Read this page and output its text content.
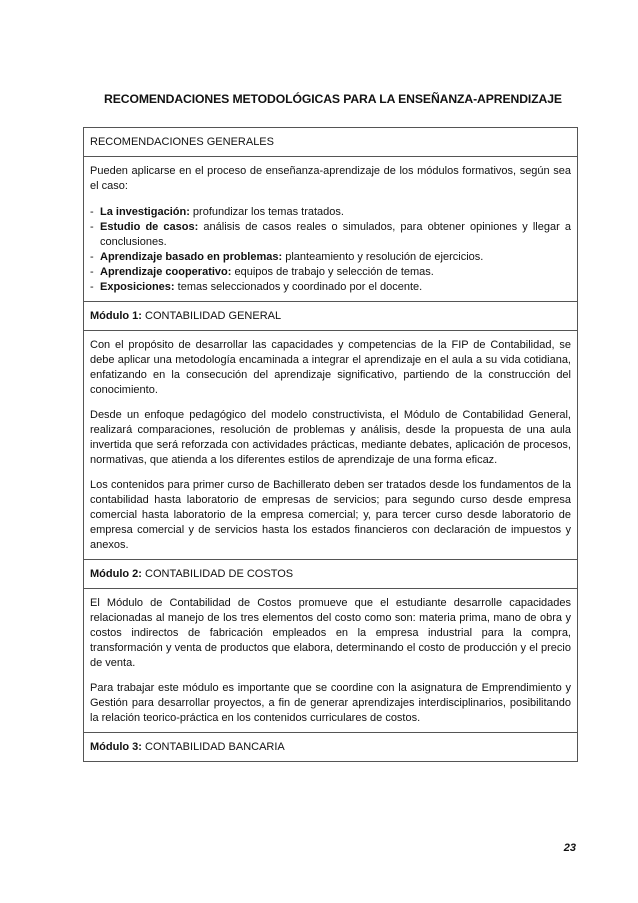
RECOMENDACIONES METODOLÓGICAS PARA LA ENSEÑANZA-APRENDIZAJE
RECOMENDACIONES GENERALES

Pueden aplicarse en el proceso de enseñanza-aprendizaje de los módulos formativos, según sea el caso:

- La investigación: profundizar los temas tratados.
- Estudio de casos: análisis de casos reales o simulados, para obtener opiniones y llegar a conclusiones.
- Aprendizaje basado en problemas: planteamiento y resolución de ejercicios.
- Aprendizaje cooperativo: equipos de trabajo y selección de temas.
- Exposiciones: temas seleccionados y coordinado por el docente.

Módulo 1: CONTABILIDAD GENERAL

Con el propósito de desarrollar las capacidades y competencias de la FIP de Contabilidad, se debe aplicar una metodología encaminada a integrar el aprendizaje en el aula a su vida cotidiana, enfatizando en la consecución del aprendizaje significativo, partiendo de la construcción del conocimiento.

Desde un enfoque pedagógico del modelo constructivista, el Módulo de Contabilidad General, realizará comparaciones, resolución de problemas y análisis, desde la propuesta de una aula invertida que será reforzada con actividades prácticas, mediante debates, aplicación de procesos, normativas, que atienda a los diferentes estilos de aprendizaje de una forma eficaz.

Los contenidos para primer curso de Bachillerato deben ser tratados desde los fundamentos de la contabilidad hasta laboratorio de empresas de servicios; para segundo curso desde empresa comercial hasta laboratorio de la empresa comercial; y, para tercer curso desde laboratorio de empresa comercial y de servicios hasta los estados financieros con declaración de impuestos y anexos.

Módulo 2: CONTABILIDAD DE COSTOS

El Módulo de Contabilidad de Costos promueve que el estudiante desarrolle capacidades relacionadas al manejo de los tres elementos del costo como son: materia prima, mano de obra y costos indirectos de fabricación empleados en la empresa industrial para la compra, transformación y venta de productos que elabora, determinando el costo de producción y el precio de venta.

Para trabajar este módulo es importante que se coordine con la asignatura de Emprendimiento y Gestión para desarrollar proyectos, a fin de generar aprendizajes interdisciplinarios, posibilitando la relación teorico-práctica en los contenidos curriculares de costos.

Módulo 3: CONTABILIDAD BANCARIA
23
